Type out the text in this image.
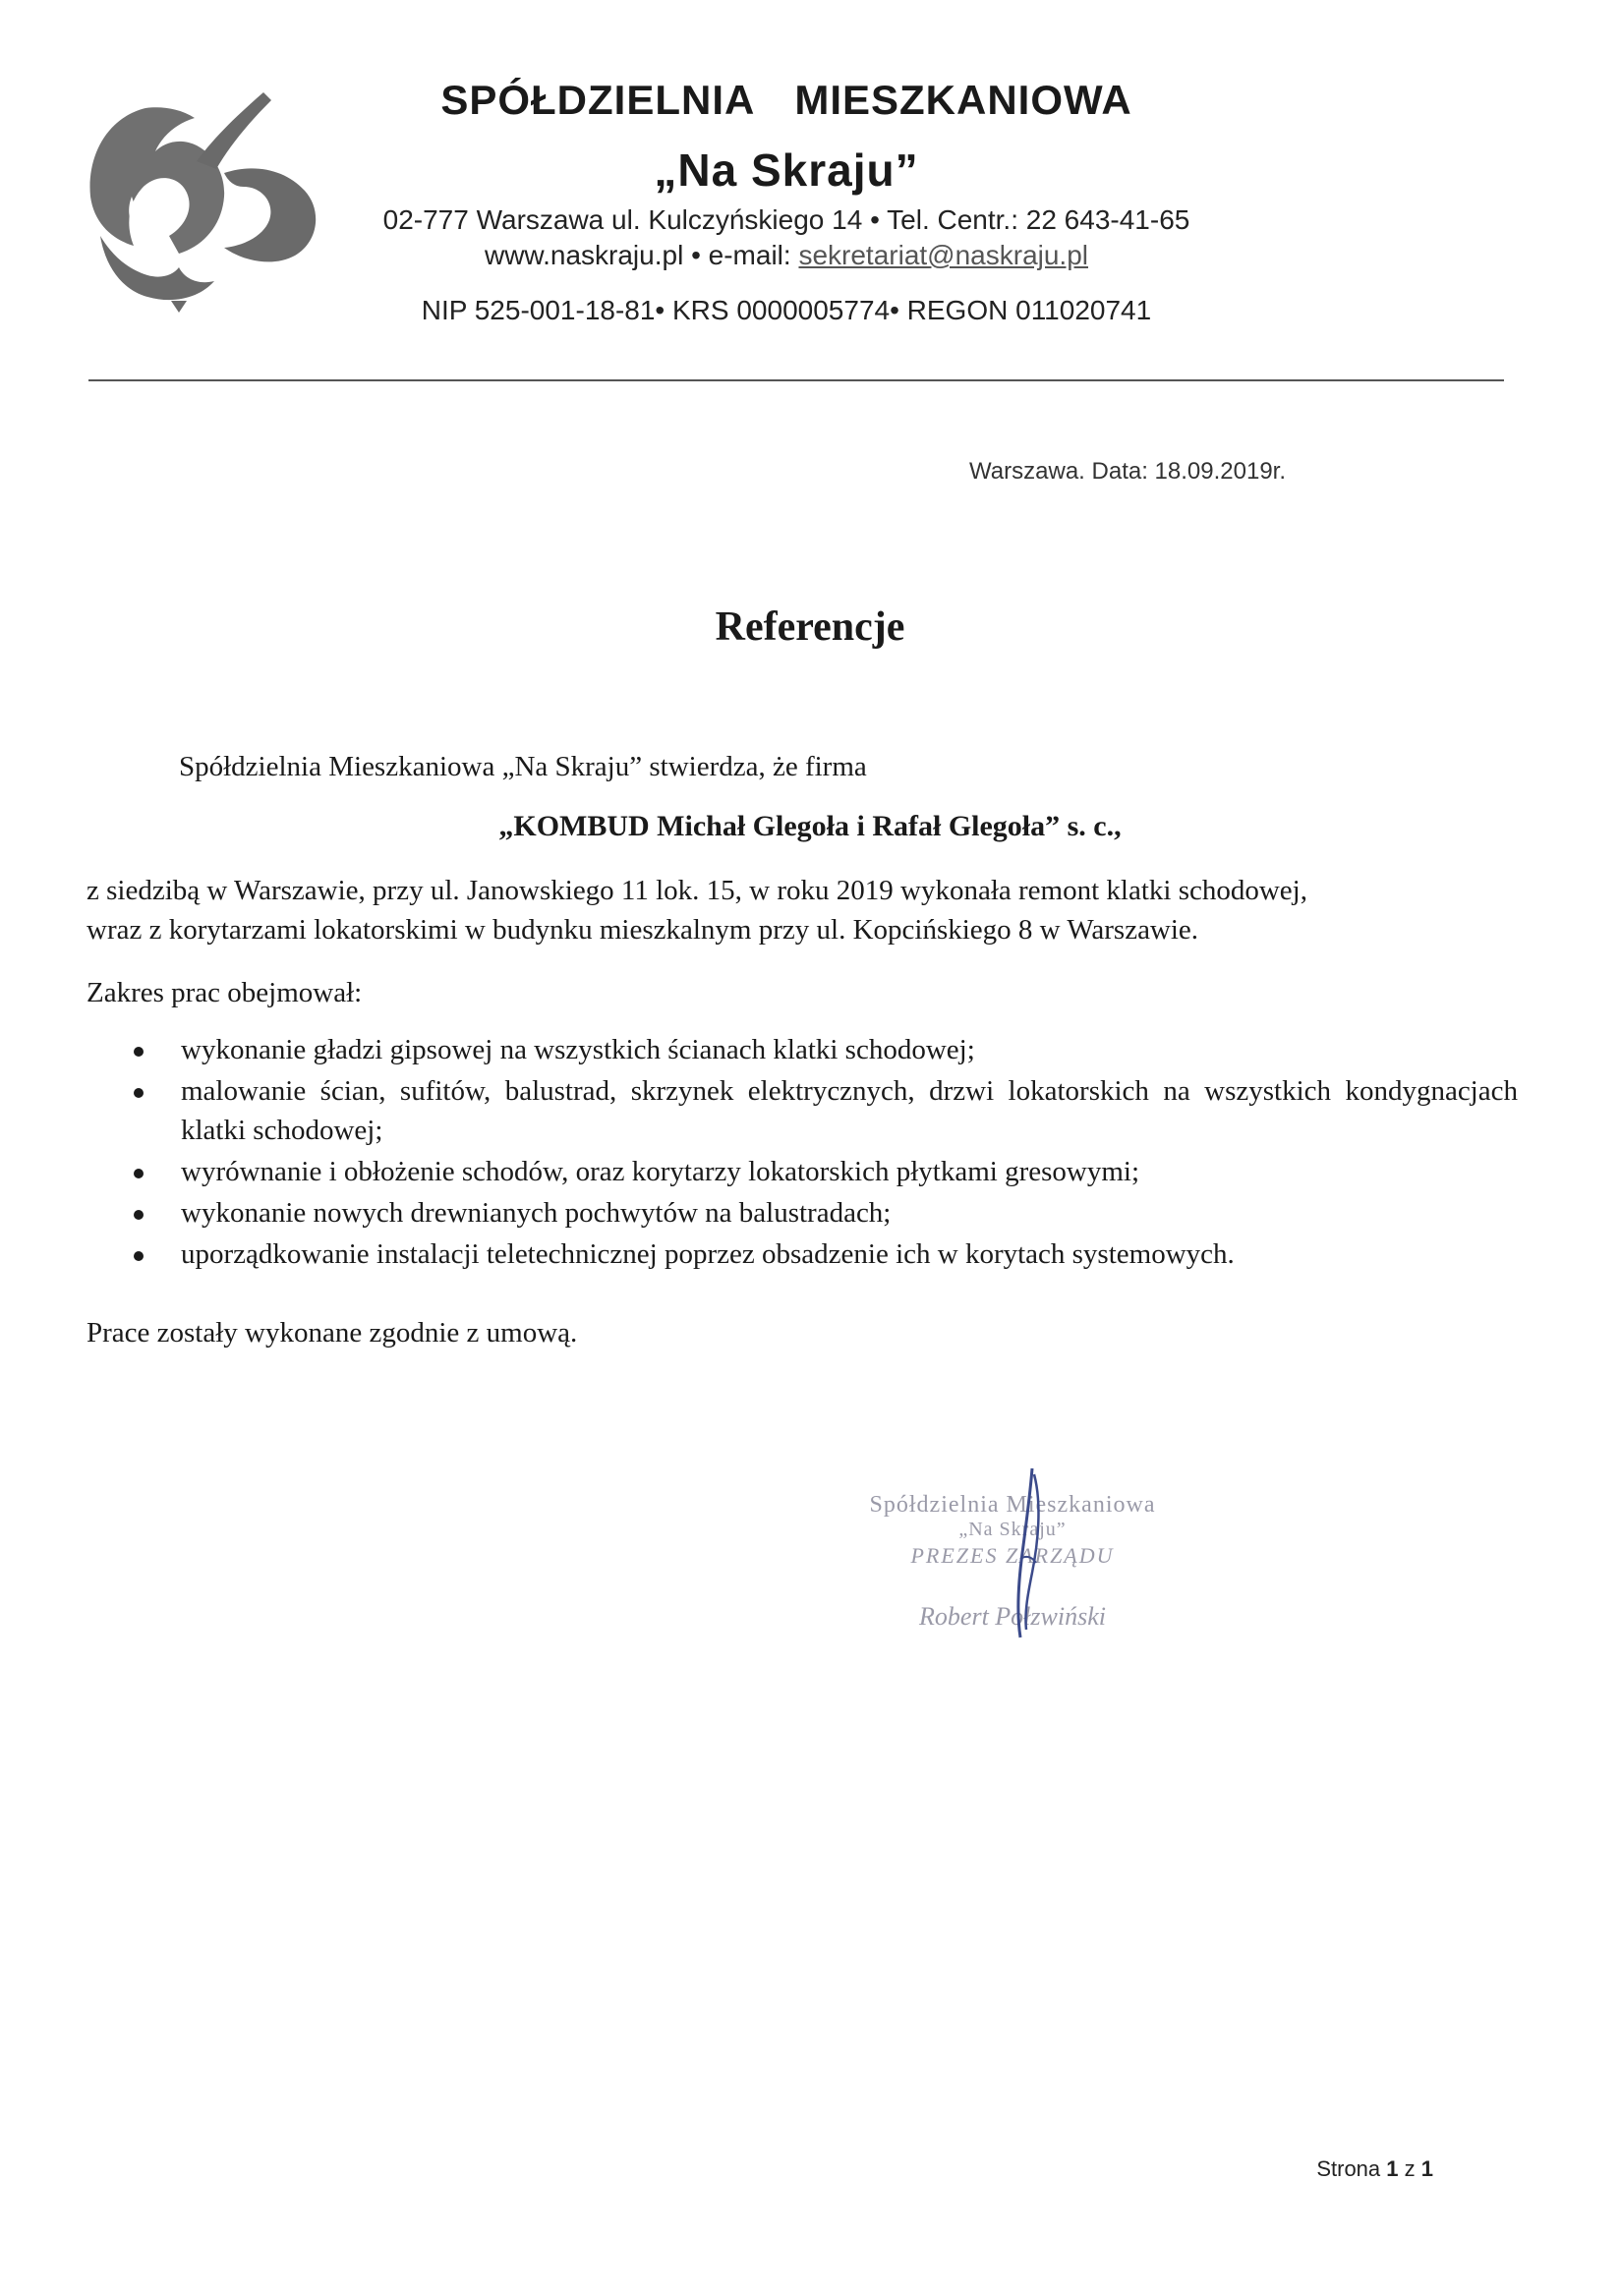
SPÓŁDZIELNIA MIESZKANIOWA
„Na Skraju”
02-777 Warszawa ul. Kulczyńskiego 14 • Tel. Centr.: 22 643-41-65
www.naskraju.pl • e-mail: sekretariat@naskraju.pl
NIP 525-001-18-81• KRS 0000005774• REGON 011020741
Warszawa. Data: 18.09.2019r.
Referencje
Spółdzielnia Mieszkaniowa „Na Skraju” stwierdza, że firma
„KOMBUD Michał Glegoła i Rafał Glegoła” s. c.,
z siedzibą w Warszawie, przy ul. Janowskiego 11 lok. 15, w roku 2019 wykonała remont klatki schodowej,
wraz z korytarzami lokatorskimi w budynku mieszkalnym przy ul. Kopcińskiego 8 w Warszawie.
Zakres prac obejmował:
wykonanie gładzi gipsowej na wszystkich ścianach klatki schodowej;
malowanie ścian, sufitów, balustrad, skrzynek elektrycznych, drzwi lokatorskich na wszystkich kondygnacjach klatki schodowej;
wyrównanie i obłożenie schodów, oraz korytarzy lokatorskich płytkami gresowymi;
wykonanie nowych drewnianych pochwytów na balustradach;
uporządkowanie instalacji teletechnicznej poprzez obsadzenie ich w korytach systemowych.
Prace zostały wykonane zgodnie z umową.
Spółdzielnia Mieszkaniowa
„Na Skraju”
PREZES ZARZĄDU
Robert Połzwiński
Strona 1 z 1
